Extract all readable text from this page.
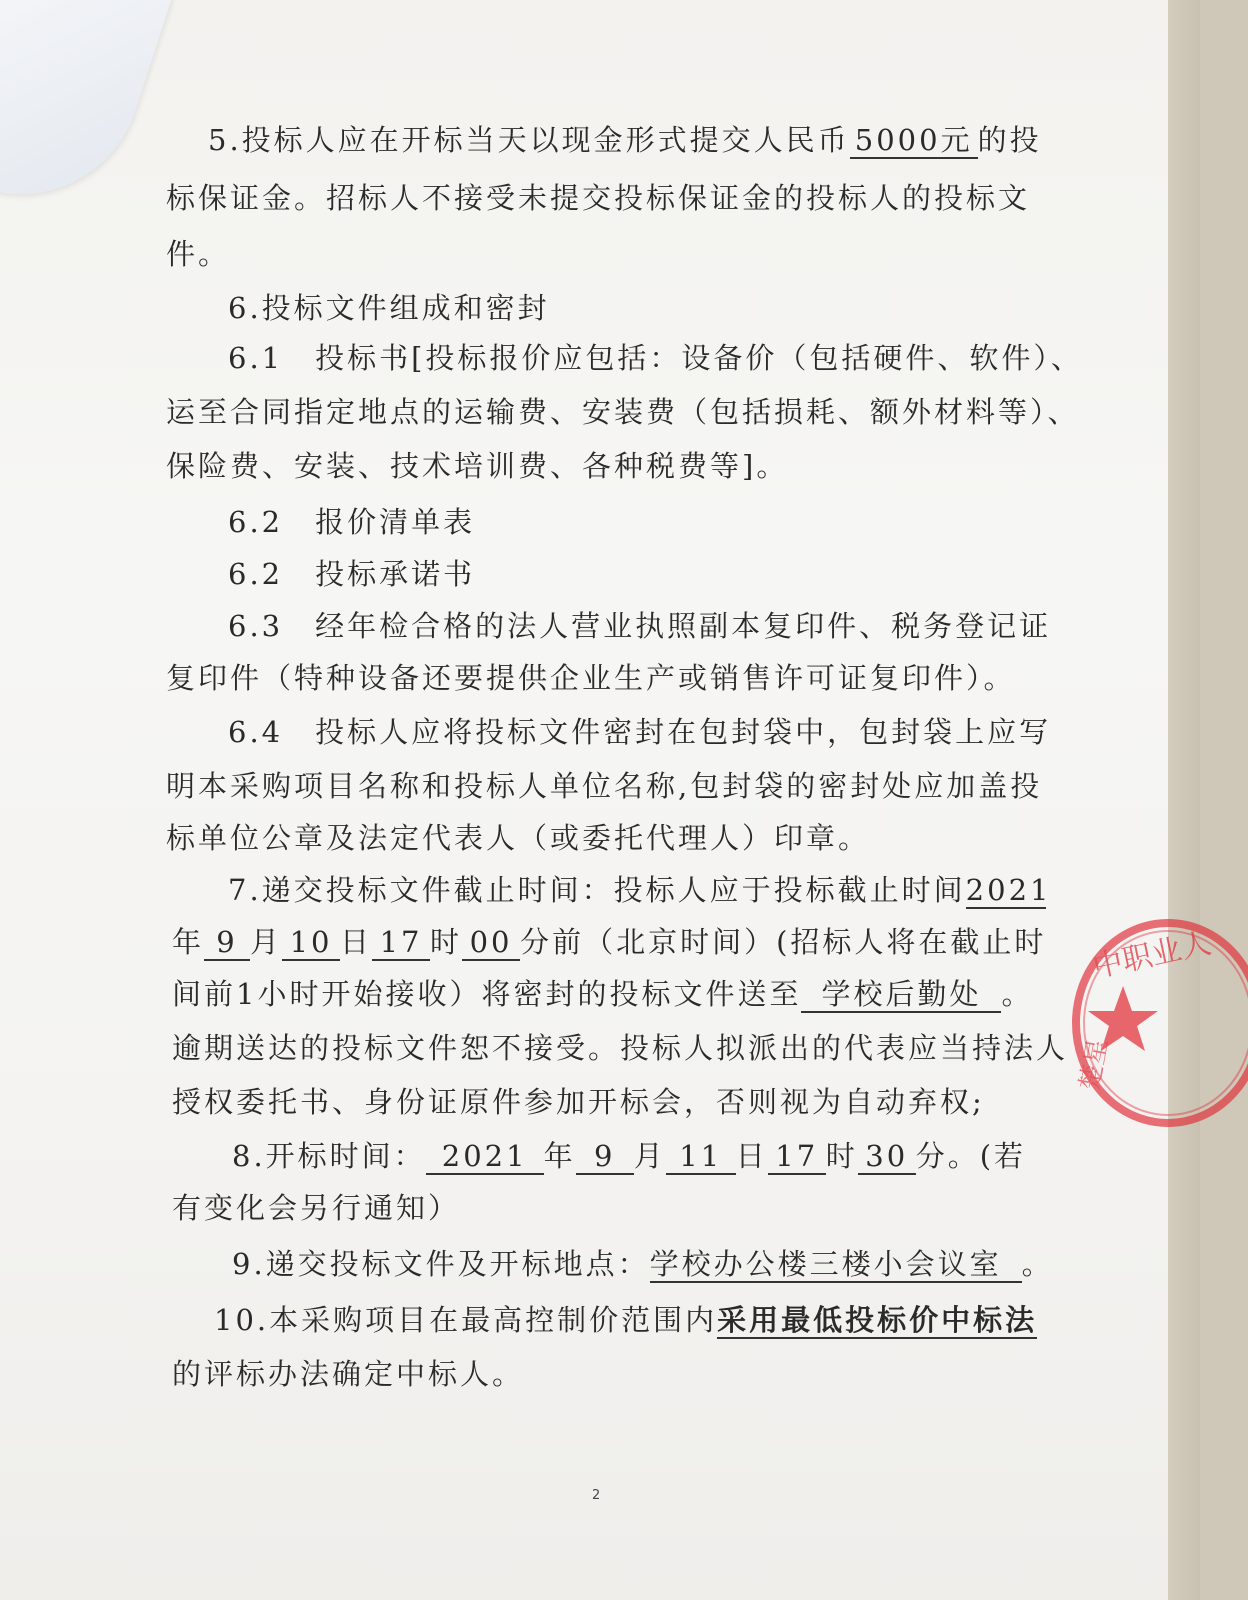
5.投标人应在开标当天以现金形式提交人民币 5000元 的投
标保证金。招标人不接受未提交投标保证金的投标人的投标文
件。
6.投标文件组成和密封
6.1　投标书[投标报价应包括：设备价（包括硬件、软件）、
运至合同指定地点的运输费、安装费（包括损耗、额外材料等）、
保险费、安装、技术培训费、各种税费等]。
6.2　报价清单表
6.2　投标承诺书
6.3　经年检合格的法人营业执照副本复印件、税务登记证
复印件（特种设备还要提供企业生产或销售许可证复印件）。
6.4　投标人应将投标文件密封在包封袋中，包封袋上应写
明本采购项目名称和投标人单位名称,包封袋的密封处应加盖投
标单位公章及法定代表人（或委托代理人）印章。
7.递交投标文件截止时间：投标人应于投标截止时间2021
年 9 月 10 日 17 时 00 分前（北京时间）(招标人将在截止时
间前1小时开始接收）将密封的投标文件送至 学校后勤处 。
逾期送达的投标文件恕不接受。投标人拟派出的代表应当持法人
授权委托书、身份证原件参加开标会，否则视为自动弃权;
8.开标时间： 2021 年 9 月 11 日 17 时 30 分。(若
有变化会另行通知）
9.递交投标文件及开标地点：学校办公楼三楼小会议室 。
10.本采购项目在最高控制价范围内采用最低投标价中标法
的评标办法确定中标人。
2
中职业人
楚星
